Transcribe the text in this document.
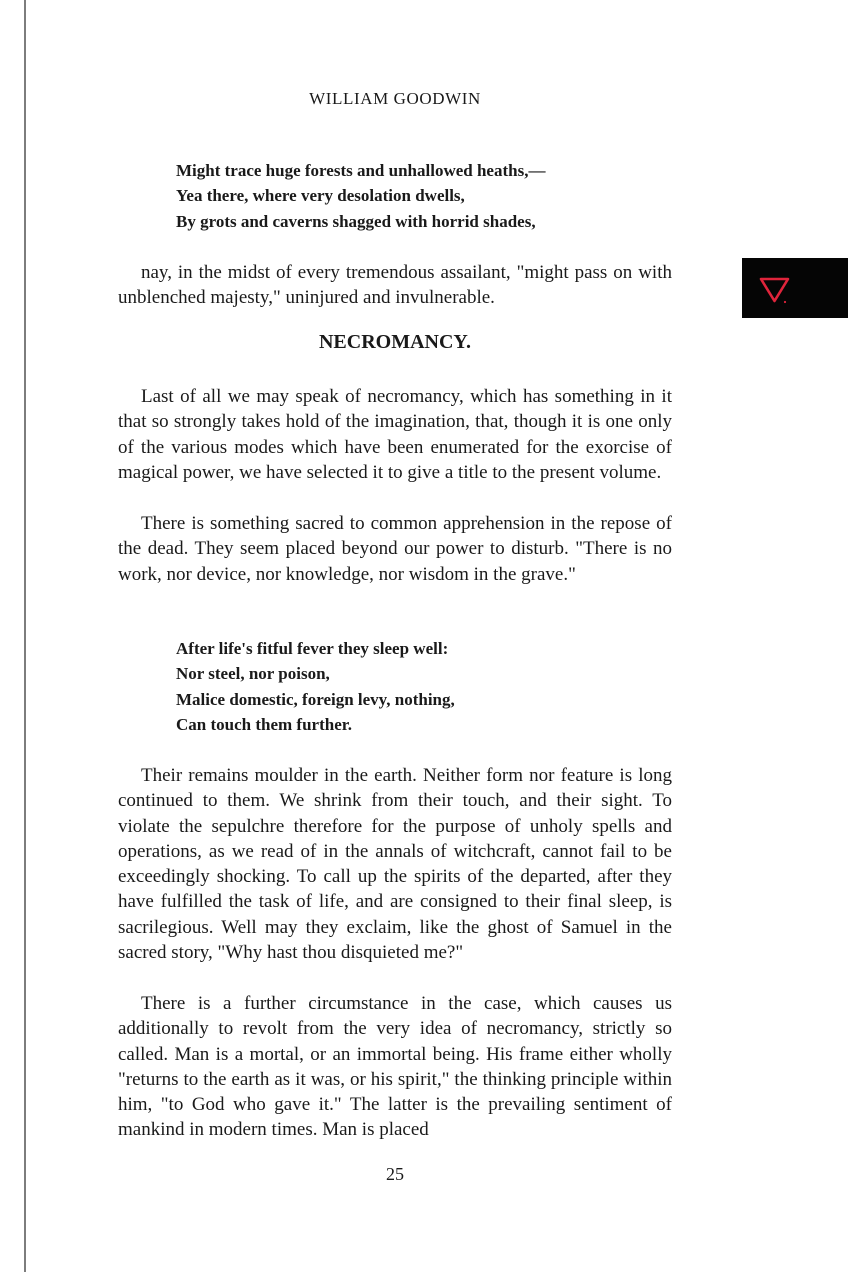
WILLIAM GOODWIN
Might trace huge forests and unhallowed heaths,—
Yea there, where very desolation dwells,
By grots and caverns shagged with horrid shades,

nay, in the midst of every tremendous assailant, "might pass on with unblenched majesty," uninjured and invulnerable.

NECROMANCY.

Last of all we may speak of necromancy, which has something in it that so strongly takes hold of the imagination, that, though it is one only of the various modes which have been enumerated for the exorcise of magical power, we have selected it to give a title to the present volume.

There is something sacred to common apprehension in the repose of the dead. They seem placed beyond our power to disturb. "There is no work, nor device, nor knowledge, nor wisdom in the grave."

After life's fitful fever they sleep well:
Nor steel, nor poison,
Malice domestic, foreign levy, nothing,
Can touch them further.

Their remains moulder in the earth. Neither form nor feature is long continued to them. We shrink from their touch, and their sight. To violate the sepulchre therefore for the purpose of unholy spells and operations, as we read of in the annals of witchcraft, cannot fail to be exceedingly shocking. To call up the spirits of the departed, after they have fulfilled the task of life, and are consigned to their final sleep, is sacrilegious. Well may they exclaim, like the ghost of Samuel in the sacred story, "Why hast thou disquieted me?"

There is a further circumstance in the case, which causes us additionally to revolt from the very idea of necromancy, strictly so called. Man is a mortal, or an immortal being. His frame either wholly "returns to the earth as it was, or his spirit," the thinking principle within him, "to God who gave it." The latter is the prevailing sentiment of mankind in modern times. Man is placed

25
